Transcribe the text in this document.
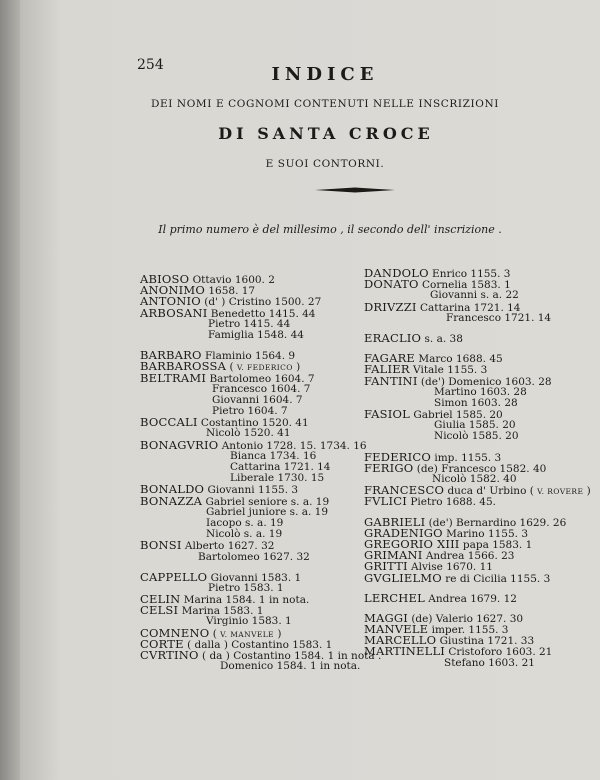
254	INDICE
DEI NOMI E COGNOMI CONTENUTI NELLE INSCRIZIONI
DI SANTA CROCE
E SUOI CONTORNI.
Il primo numero è del millesimo , il secondo dell' inscrizione .
ABIOSO Ottavio 1600. 2
ANONIMO 1658. 17
ANTONIO (d' ) Cristino 1500. 27
ARBOSANI Benedetto 1415. 44
Pietro 1415. 44
Famiglia 1548. 44
BARBARO Flaminio 1564. 9
BARBAROSSA ( V. FEDERICO )
BELTRAMI Bartolomeo 1604. 7
Francesco 1604. 7
Giovanni 1604. 7
Pietro 1604. 7
BOCCALI Costantino 1520. 41
Nicolò 1520. 41
BONAGVRIO Antonio 1728. 15. 1734. 16
Bianca 1734. 16
Cattarina 1721. 14
Liberale 1730. 15
BONALDO Giovanni 1155. 3
BONAZZA Gabriel seniore s. a. 19
Gabriel juniore s. a. 19
Iacopo s. a. 19
Nicolò s. a. 19
BONSI Alberto 1627. 32
Bartolomeo 1627. 32
CAPPELLO Giovanni 1583. 1
Pietro 1583. 1
CELIN Marina 1584. 1 in nota.
CELSI Marina 1583. 1
Virginio 1583. 1
COMNENO ( V. MANVELE )
CORTE ( dalla ) Costantino 1583. 1
CVRTINO ( da ) Costantino 1584. 1 in nota .
Domenico 1584. 1 in nota.
DANDOLO Enrico 1155. 3
DONATO Cornelia 1583. 1
Giovanni s. a. 22
DRIVZZI Cattarina 1721. 14
Francesco 1721. 14
ERACLIO s. a. 38
FAGARE Marco 1688. 45
FALIER Vitale 1155. 3
FANTINI (de') Domenico 1603. 28
Martino 1603. 28
Simon 1603. 28
FASIOL Gabriel 1585. 20
Giulia 1585. 20
Nicolò 1585. 20
FEDERICO imp. 1155. 3
FERIGO (de) Francesco 1582. 40
Nicolò 1582. 40
FRANCESCO duca d' Urbino ( V. ROVERE )
FVLICI Pietro 1688. 45.
GABRIELI (de') Bernardino 1629. 26
GRADENIGO Marino 1155. 3
GREGORIO XIII papa 1583. 1
GRIMANI Andrea 1566. 23
GRITTI Alvise 1670. 11
GVGLIELMO re di Cicilia 1155. 3
LERCHEL Andrea 1679. 12
MAGGI (de) Valerio 1627. 30
MANVELE imper. 1155. 3
MARCELLO Giustina 1721. 33
MARTINELLI Cristoforo 1603. 21
Stefano 1603. 21
